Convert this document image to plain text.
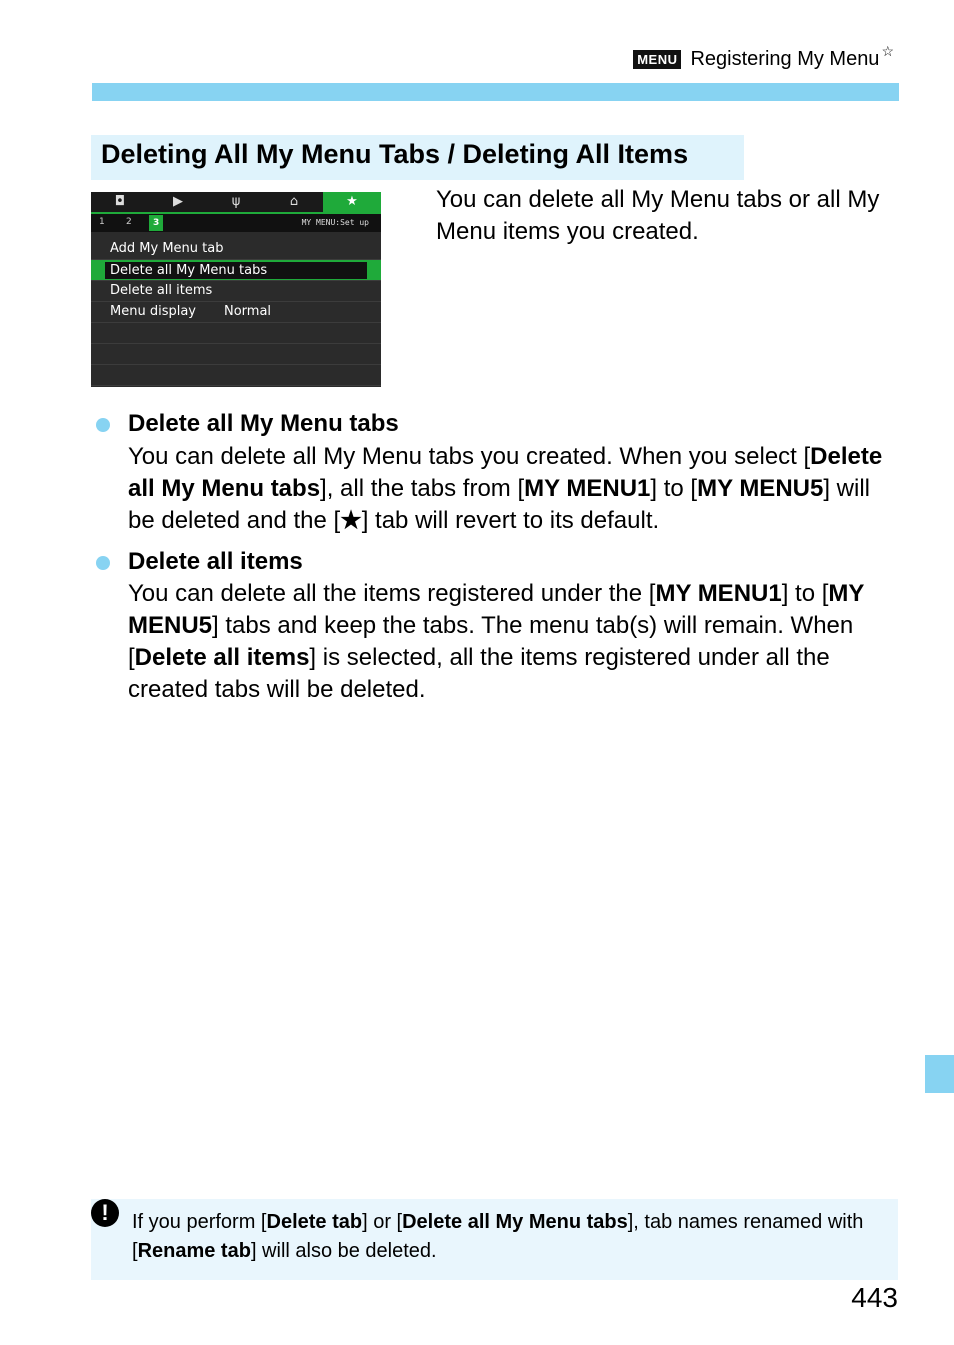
MENU Registering My Menu ☆
Deleting All My Menu Tabs / Deleting All Items
◘	▶	ψ	⌂	★
1 2	3	MY MENU:Set up
Add My Menu tab
Delete all My Menu tabs
Delete all items
Menu display Normal
You can delete all My Menu tabs or all My Menu items you created.
Delete all My Menu tabs
You can delete all My Menu tabs you created. When you select [Delete all My Menu tabs], all the tabs from [MY MENU1] to [MY MENU5] will be deleted and the [★] tab will revert to its default.
Delete all items
You can delete all the items registered under the [MY MENU1] to [MY MENU5] tabs and keep the tabs. The menu tab(s) will remain. When [Delete all items] is selected, all the items registered under all the created tabs will be deleted.
!	If you perform [Delete tab] or [Delete all My Menu tabs], tab names renamed with [Rename tab] will also be deleted.
443
